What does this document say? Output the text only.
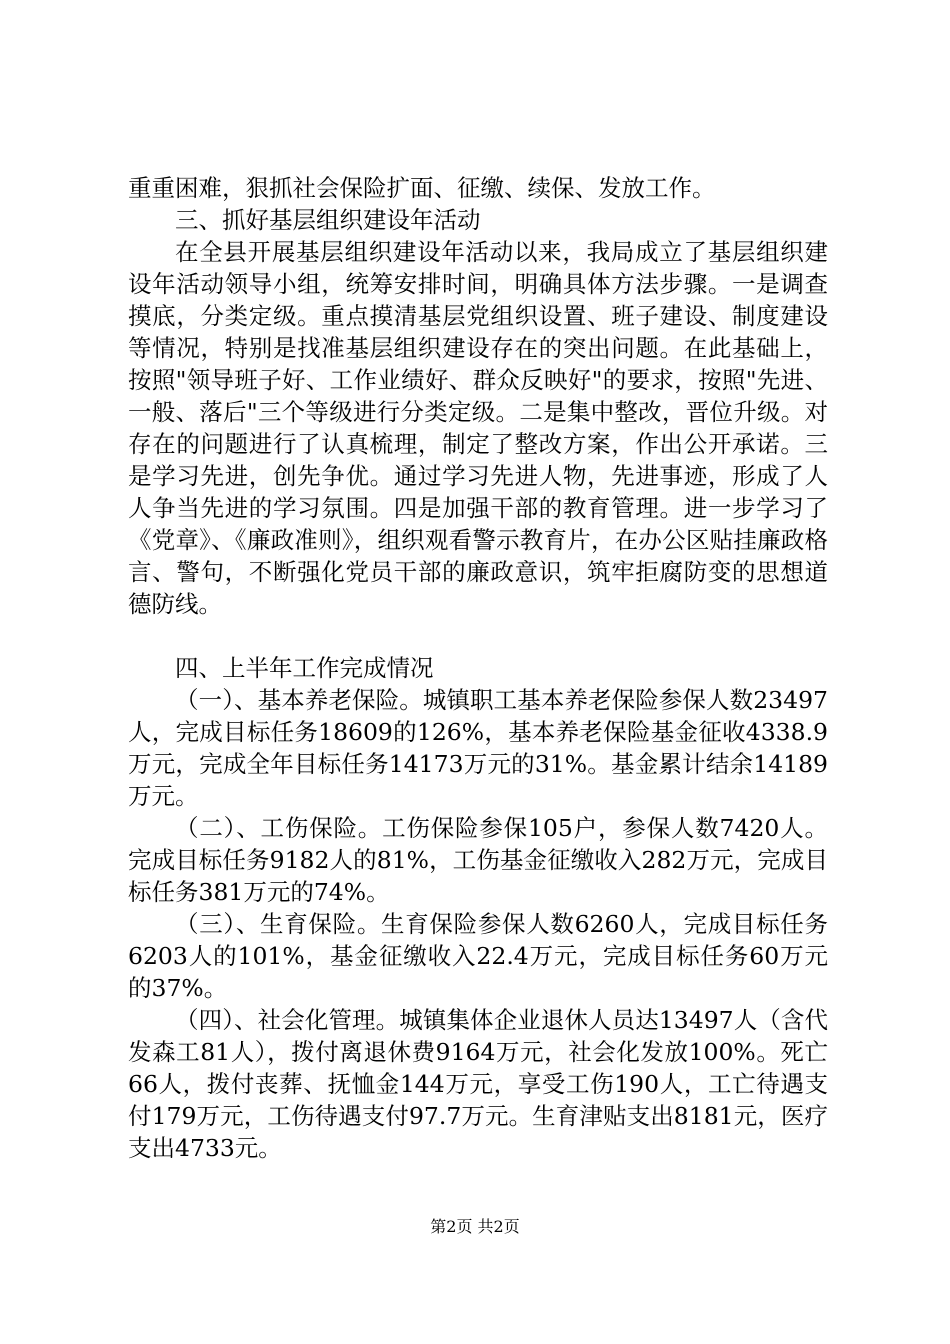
重重困难，狠抓社会保险扩面、征缴、续保、发放工作。

三、抓好基层组织建设年活动

在全县开展基层组织建设年活动以来，我局成立了基层组织建设年活动领导小组，统筹安排时间，明确具体方法步骤。一是调查摸底，分类定级。重点摸清基层党组织设置、班子建设、制度建设等情况，特别是找准基层组织建设存在的突出问题。在此基础上，按照"领导班子好、工作业绩好、群众反映好"的要求，按照"先进、一般、落后"三个等级进行分类定级。二是集中整改，晋位升级。对存在的问题进行了认真梳理，制定了整改方案，作出公开承诺。三是学习先进，创先争优。通过学习先进人物，先进事迹，形成了人人争当先进的学习氛围。四是加强干部的教育管理。进一步学习了《党章》、《廉政准则》，组织观看警示教育片，在办公区贴挂廉政格言、警句，不断强化党员干部的廉政意识，筑牢拒腐防变的思想道德防线。

四、上半年工作完成情况

（一）、基本养老保险。城镇职工基本养老保险参保人数23497人，完成目标任务18609的126%，基本养老保险基金征收4338.9万元，完成全年目标任务14173万元的31%。基金累计结余14189万元。

（二）、工伤保险。工伤保险参保105户，参保人数7420人。完成目标任务9182人的81%，工伤基金征缴收入282万元，完成目标任务381万元的74%。

（三）、生育保险。生育保险参保人数6260人，完成目标任务6203人的101%，基金征缴收入22.4万元，完成目标任务60万元的37%。

（四）、社会化管理。城镇集体企业退休人员达13497人（含代发森工81人），拨付离退休费9164万元，社会化发放100%。死亡66人，拨付丧葬、抚恤金144万元，享受工伤190人，工亡待遇支付179万元，工伤待遇支付97.7万元。生育津贴支出8181元，医疗支出4733元。

第2页 共2页
